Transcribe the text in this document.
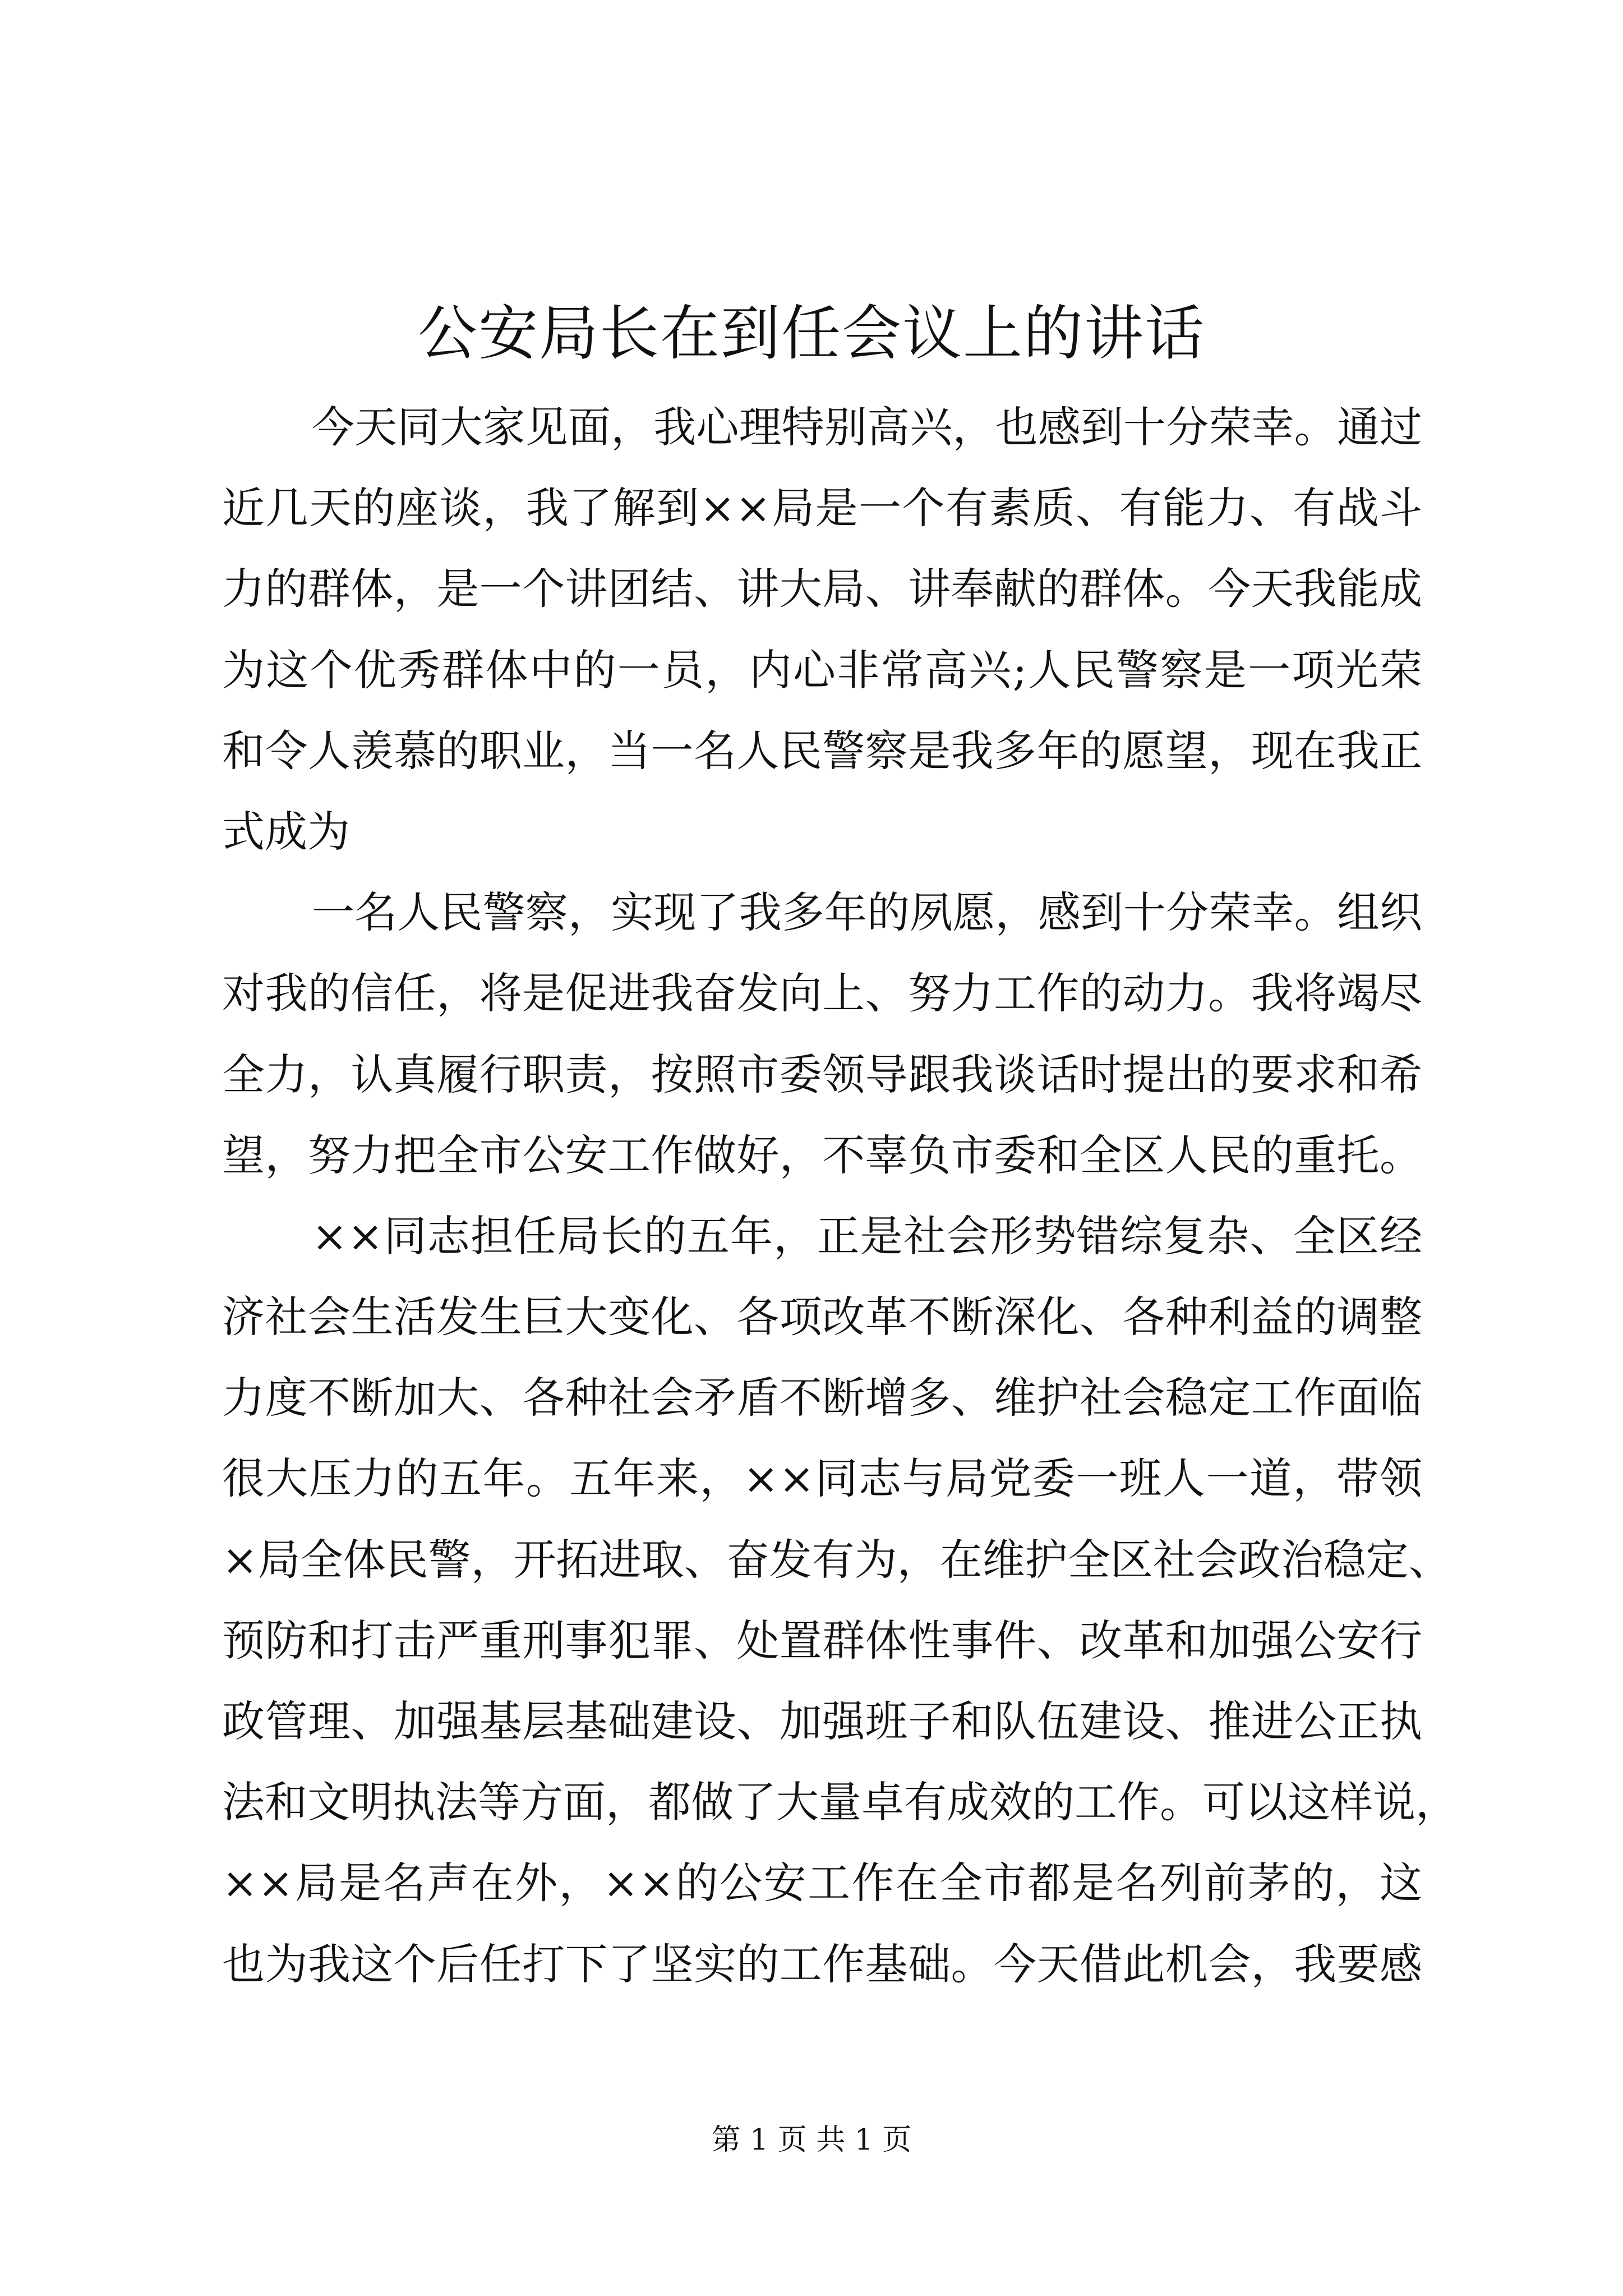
公安局长在到任会议上的讲话

今天同大家见面，我心理特别高兴，也感到十分荣幸。通过
近几天的座谈，我了解到××局是一个有素质、有能力、有战斗
力的群体，是一个讲团结、讲大局、讲奉献的群体。今天我能成
为这个优秀群体中的一员，内心非常高兴;人民警察是一项光荣
和令人羡慕的职业，当一名人民警察是我多年的愿望，现在我正
式成为

一名人民警察，实现了我多年的夙愿，感到十分荣幸。组织
对我的信任，将是促进我奋发向上、努力工作的动力。我将竭尽
全力，认真履行职责，按照市委领导跟我谈话时提出的要求和希
望，努力把全市公安工作做好，不辜负市委和全区人民的重托。

××同志担任局长的五年，正是社会形势错综复杂、全区经
济社会生活发生巨大变化、各项改革不断深化、各种利益的调整
力度不断加大、各种社会矛盾不断增多、维护社会稳定工作面临
很大压力的五年。五年来，××同志与局党委一班人一道，带领
×局全体民警，开拓进取、奋发有为，在维护全区社会政治稳定、
预防和打击严重刑事犯罪、处置群体性事件、改革和加强公安行
政管理、加强基层基础建设、加强班子和队伍建设、推进公正执
法和文明执法等方面，都做了大量卓有成效的工作。可以这样说，
××局是名声在外，××的公安工作在全市都是名列前茅的，这
也为我这个后任打下了坚实的工作基础。今天借此机会，我要感

第 1 页 共 1 页
